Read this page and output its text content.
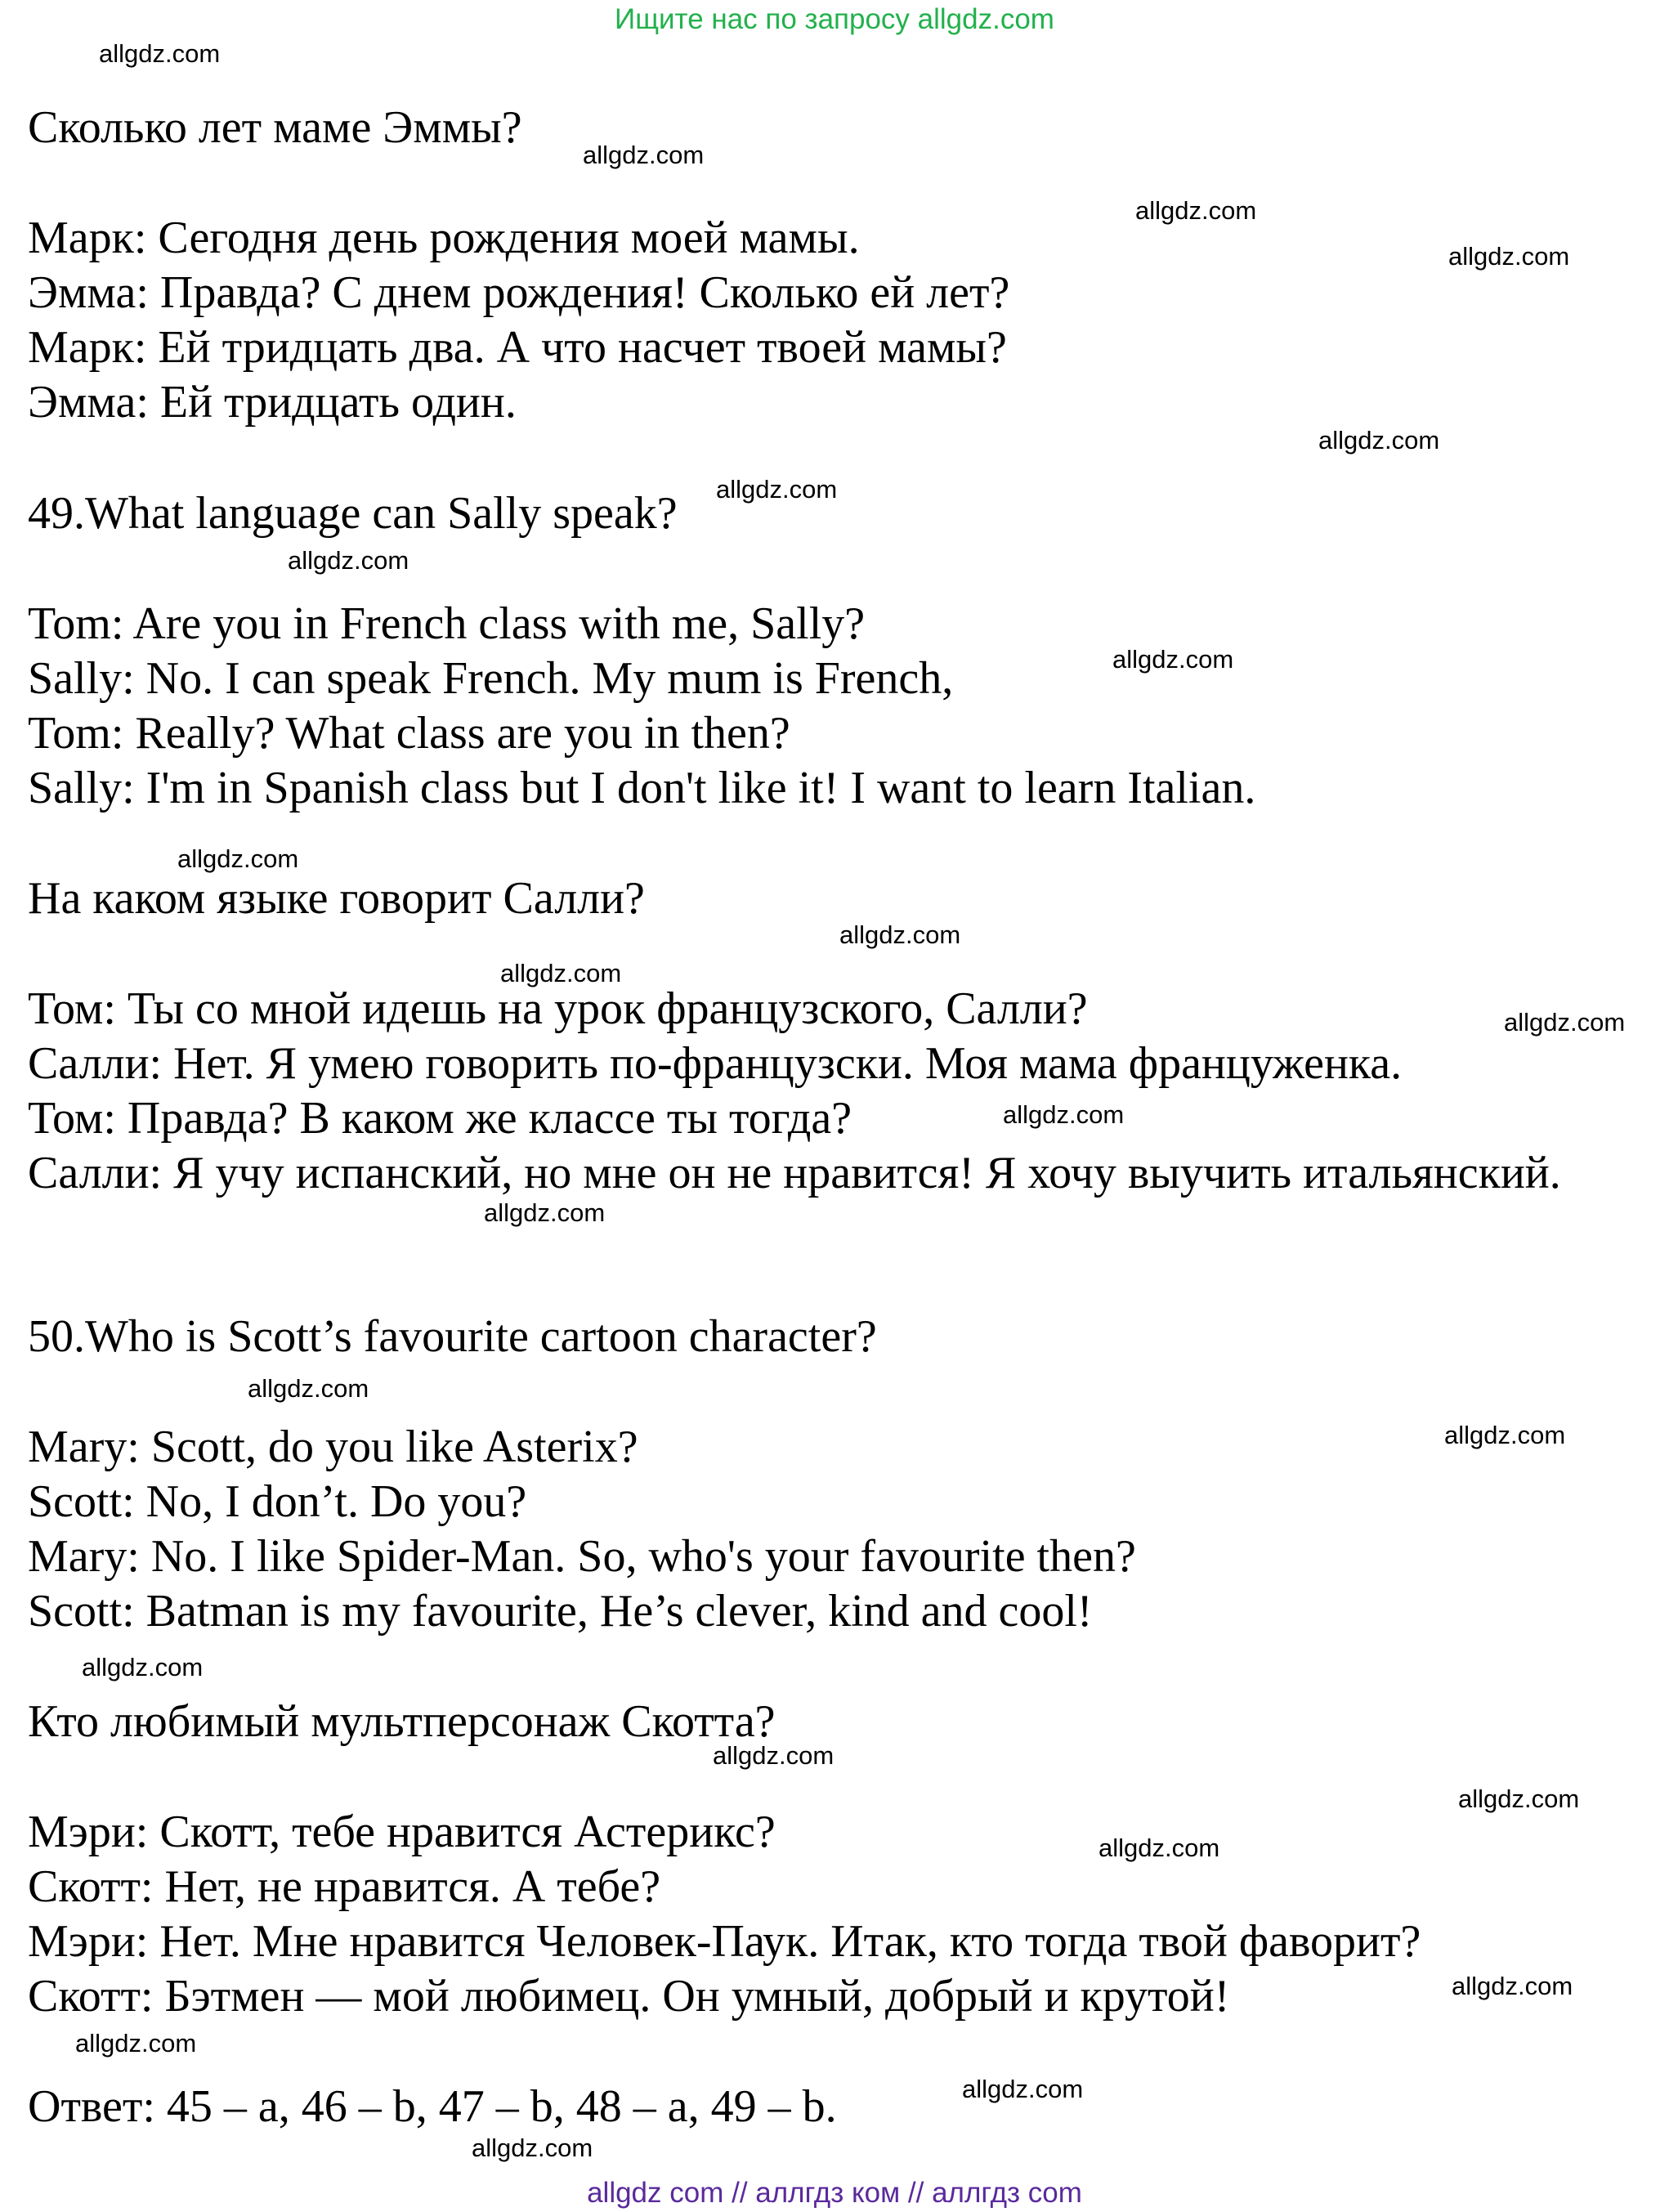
Ищите нас по запросу allgdz.com

Сколько лет маме Эммы?

Марк: Сегодня день рождения моей мамы.

Эмма: Правда? С днем рождения! Сколько ей лет?

Марк: Ей тридцать два. А что насчет твоей мамы?

Эмма: Ей тридцать один.

49.What language can Sally speak?

Tom: Are you in French class with me, Sally?

Sally: No. I can speak French. My mum is French,

Tom: Really? What class are you in then?

Sally: I'm in Spanish class but I don't like it! I want to learn Italian.

На каком языке говорит Салли?

Том: Ты со мной идешь на урок французского, Салли?

Салли: Нет. Я умею говорить по-французски. Моя мама француженка.

Том: Правда? В каком же классе ты тогда?

Салли: Я учу испанский, но мне он не нравится! Я хочу выучить итальянский.

50.Who is Scott’s favourite cartoon character?

Mary: Scott, do you like Asterix?

Scott: No, I don’t. Do you?

Mary: No. I like Spider-Man. So, who's your favourite then?

Scott: Batman is my favourite, He’s clever, kind and cool!

Кто любимый мультперсонаж Скотта?

Мэри: Скотт, тебе нравится Астерикс?

Скотт: Нет, не нравится. А тебе?

Мэри: Нет. Мне нравится Человек-Паук. Итак, кто тогда твой фаворит?

Скотт: Бэтмен — мой любимец. Он умный, добрый и крутой!

Ответ: 45 – a, 46 – b, 47 – b, 48 – a, 49 – b.

allgdz.com
allgdz.com
allgdz.com
allgdz.com
allgdz.com
allgdz.com
allgdz.com
allgdz.com
allgdz.com
allgdz.com
allgdz.com
allgdz.com
allgdz.com
allgdz.com
allgdz.com
allgdz.com
allgdz.com
allgdz.com
allgdz.com
allgdz.com
allgdz.com
allgdz.com
allgdz.com
allgdz.com
allgdz com // аллгдз ком // аллгдз com
